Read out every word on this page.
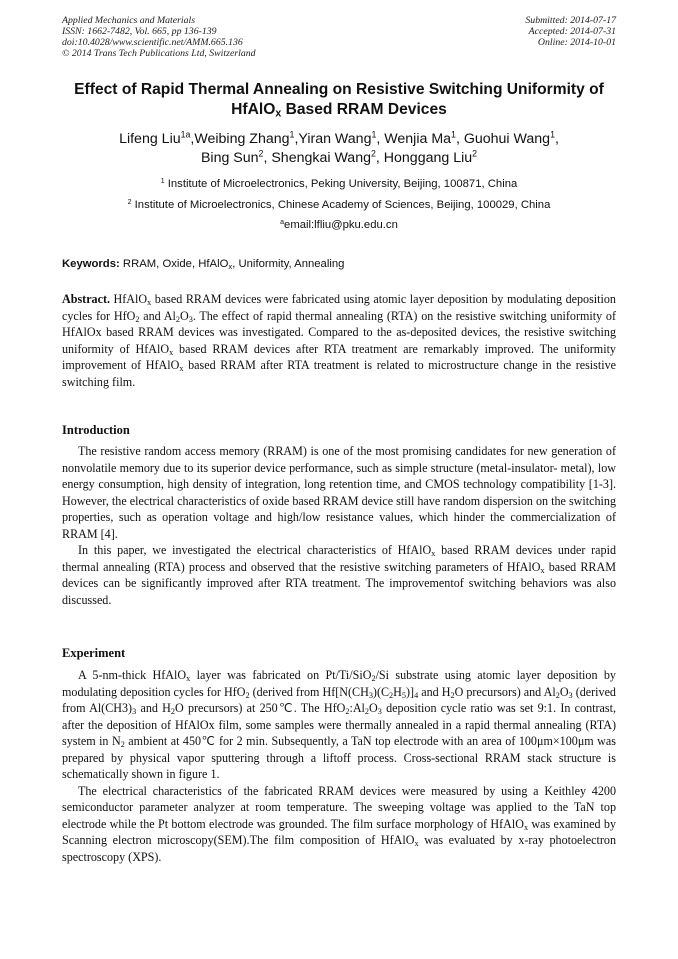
Applied Mechanics and Materials
ISSN: 1662-7482, Vol. 665, pp 136-139
doi:10.4028/www.scientific.net/AMM.665.136
© 2014 Trans Tech Publications Ltd, Switzerland
Submitted: 2014-07-17
Accepted: 2014-07-31
Online: 2014-10-01
Effect of Rapid Thermal Annealing on Resistive Switching Uniformity of
HfAlO$_x$ Based RRAM Devices
Lifeng Liu$^{1a}$,Weibing Zhang$^1$,Yiran Wang$^1$, Wenjia Ma$^1$, Guohui Wang$^1$,
Bing Sun$^2$, Shengkai Wang$^2$, Honggang Liu$^2$
$^1$ Institute of Microelectronics, Peking University, Beijing, 100871, China
$^2$ Institute of Microelectronics, Chinese Academy of Sciences, Beijing, 100029, China
$^a$email:lfliu@pku.edu.cn
Keywords: RRAM, Oxide, HfAlO$_x$, Uniformity, Annealing

Abstract. HfAlO$_x$ based RRAM devices were fabricated using atomic layer deposition by modulating deposition cycles for HfO$_2$ and $Al_2O_3$. The effect of rapid thermal annealing (RTA) on the resistive switching uniformity of HfAlOx based RRAM devices was investigated. Compared to the as-deposited devices, the resistive switching uniformity of HfAlO$_x$ based RRAM devices after RTA treatment are remarkably improved. The uniformity improvement of HfAlO$_x$ based RRAM after RTA treatment is related to microstructure change in the resistive switching film.

Introduction

The resistive random access memory (RRAM) is one of the most promising candidates for new generation of nonvolatile memory due to its superior device performance, such as simple structure (metal-insulator- metal), low energy consumption, high density of integration, long retention time, and CMOS technology compatibility [1-3]. However, the electrical characteristics of oxide based RRAM device still have random dispersion on the switching properties, such as operation voltage and high/low resistance values, which hinder the commercialization of RRAM [4].

In this paper, we investigated the electrical characteristics of HfAlO$_x$ based RRAM devices under rapid thermal annealing (RTA) process and observed that the resistive switching parameters of HfAlO$_x$ based RRAM devices can be significantly improved after RTA treatment. The improvementof switching behaviors was also discussed.

Experiment

A 5-nm-thick HfAlO$_x$ layer was fabricated on Pt/Ti/SiO$_2$/Si substrate using atomic layer deposition by modulating deposition cycles for HfO$_2$ (derived from $Hf[N(CH_3)(C_2H_5)]_4$ and $H_2O$ precursors) and $Al_2O_3$ (derived from $Al(CH3)_3$ and $H_2O$ precursors) at 250℃. The $HfO_2:Al_2O_3$ deposition cycle ratio was set 9:1. In contrast, after the deposition of HfAlOx film, some samples were thermally annealed in a rapid thermal annealing (RTA) system in $N_2$ ambient at 450℃ for 2 min. Subsequently, a TaN top electrode with an area of 100μm×100μm was prepared by physical vapor sputtering through a liftoff process. Cross-sectional RRAM stack structure is schematically shown in figure 1.

The electrical characteristics of the fabricated RRAM devices were measured by using a Keithley 4200 semiconductor parameter analyzer at room temperature. The sweeping voltage was applied to the TaN top electrode while the Pt bottom electrode was grounded. The film surface morphology of HfAlO$_x$ was examined by Scanning electron microscopy(SEM).The film composition of HfAlO$_x$ was evaluated by x-ray photoelectron spectroscopy (XPS).
